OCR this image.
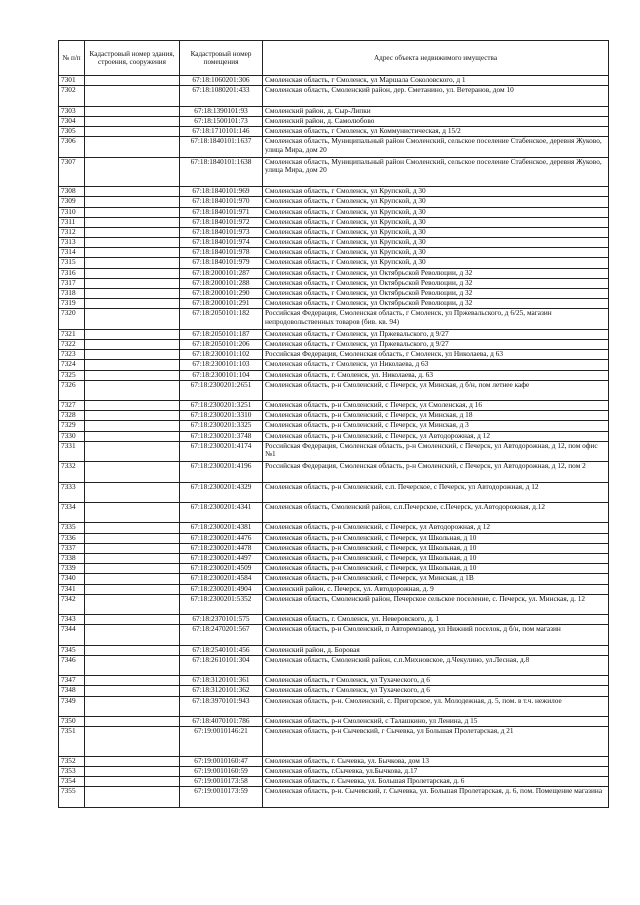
№ п/п	Кадастровый номер здания, строения, сооружения	Кадастровый номер помещения	Адрес объекта недвижимого имущества
7301		67:18:1060201:306	Смоленская область, г Смоленск, ул Маршала Соколовского, д 1
7302		67:18:1080201:433	Смоленская область, Смоленский район, дер. Сметанино, ул. Ветеранов, дом 10
7303		67:18:1390101:93	Смоленский район, д. Сыр-Липки
7304		67:18:1500101:73	Смоленский район, д. Самолюбово
7305		67:18:1710101:146	Смоленская область, г Смоленск, ул Коммунистическая, д 15/2
7306		67:18:1840101:1637	Смоленская область, Муниципальный район Смоленский, сельское поселение Стабенское, деревня Жуково, улица Мира, дом 20
7307		67:18:1840101:1638	Смоленская область, Муниципальный район Смоленский, сельское поселение Стабенское, деревня Жуково, улица Мира, дом 20
7308		67:18:1840101:969	Смоленская область, г Смоленск, ул Крупской, д 30
7309		67:18:1840101:970	Смоленская область, г Смоленск, ул Крупской, д 30
7310		67:18:1840101:971	Смоленская область, г Смоленск, ул Крупской, д 30
7311		67:18:1840101:972	Смоленская область, г Смоленск, ул Крупской, д 30
7312		67:18:1840101:973	Смоленская область, г Смоленск, ул Крупской, д 30
7313		67:18:1840101:974	Смоленская область, г Смоленск, ул Крупской, д 30
7314		67:18:1840101:978	Смоленская область, г Смоленск, ул Крупской, д 30
7315		67:18:1840101:979	Смоленская область, г Смоленск, ул Крупской, д 30
7316		67:18:2000101:287	Смоленская область, г Смоленск, ул Октябрьской Революции, д 32
7317		67:18:2000101:288	Смоленская область, г Смоленск, ул Октябрьской Революции, д 32
7318		67:18:2000101:290	Смоленская область, г Смоленск, ул Октябрьской Революции, д 32
7319		67:18:2000101:291	Смоленская область, г Смоленск, ул Октябрьской Революции, д 32
7320		67:18:2050101:182	Российская Федерация, Смоленская область, г Смоленск, ул Пржевальского, д 6/25, магазин непродовольственных товаров (бив. кв. 94)
7321		67:18:2050101:187	Смоленская область, г Смоленск, ул Пржевальского, д 9/27
7322		67:18:2050101:206	Смоленская область, г Смоленск, ул Пржевальского, д 9/27
7323		67:18:2300101:102	Российская Федерация, Смоленская область, г Смоленск, ул Николаева, д 63
7324		67:18:2300101:103	Смоленская область, г Смоленск, ул Николаева, д 63
7325		67:18:2300101:104	Смоленская область, г. Смоленск, ул. Николаева, д. 63
7326		67:18:2300201:2651	Смоленская область, р-н Смоленский, с Печерск, ул Минская, д б/н, пом летнее кафе
7327		67:18:2300201:3251	Смоленская область, р-н Смоленский, с Печерск, ул Смоленская, д 16
7328		67:18:2300201:3310	Смоленская область, р-н Смоленский, с Печерск, ул Минская, д 18
7329		67:18:2300201:3325	Смоленская область, р-н Смоленский, с Печерск, ул Минская, д 3
7330		67:18:2300201:3748	Смоленская область, р-н Смоленский, с Печерск, ул Автодорожная, д 12
7331		67:18:2300201:4174	Российская Федерация, Смоленская область, р-н Смоленский, с Печерск, ул Автодорожная, д 12, пом офис №1
7332		67:18:2300201:4196	Российская Федерация, Смоленская область, р-н Смоленский, с Печерск, ул Автодорожная, д 12, пом 2
7333		67:18:2300201:4329	Смоленская область, р-н Смоленский, с.п. Печерское, с Печерск, ул Автодорожная, д 12
7334		67:18:2300201:4341	Смоленская область, Смоленский район, с.п.Печерское, с.Печерск, ул.Автодорожная, д.12
7335		67:18:2300201:4381	Смоленская область, р-н Смоленский, с Печерск, ул Автодорожная, д 12
7336		67:18:2300201:4476	Смоленская область, р-н Смоленский, с Печерск, ул Школьная, д 10
7337		67:18:2300201:4478	Смоленская область, р-н Смоленский, с Печерск, ул Школьная, д 10
7338		67:18:2300201:4497	Смоленская область, р-н Смоленский, с Печерск, ул Школьная, д 10
7339		67:18:2300201:4509	Смоленская область, р-н Смоленский, с Печерск, ул Школьная, д 10
7340		67:18:2300201:4584	Смоленская область, р-н Смоленский, с Печерск, ул Минская, д 1В
7341		67:18:2300201:4904	Смоленский район, с. Печерск, ул. Автодорожная, д. 9
7342		67:18:2300201:5352	Смоленская область, Смоленский район, Печерское сельское поселение, с. Печерск, ул. Минская, д. 12
7343		67:18:2370101:575	Смоленская область, г. Смоленск, ул. Неверовского, д. 1
7344		67:18:2470201:567	Смоленская область, р-н Смоленский, п Авторемзавод, ул Нижний поселок, д б/н, пом магазин
7345		67:18:2540101:456	Смоленский район, д. Боровая
7346		67:18:2610101:304	Смоленская область, Смоленский район, с.п.Михновское, д.Чекулино, ул.Лесная, д.8
7347		67:18:3120101:361	Смоленская область, г Смоленск, ул Тухаческого, д 6
7348		67:18:3120101:362	Смоленская область, г Смоленск, ул Тухаческого, д 6
7349		67:18:3970101:943	Смоленская область, р-н. Смоленский, с. Пригорское, ул. Молодежная, д. 5, пом. в т.ч. нежилое
7350		67:18:4070101:786	Смоленская область, р-н Смоленский, с Талашкино, ул Ленина, д 15
7351		67:19:0010146:21	Смоленская область, р-н Сычевский, г Сычевка, ул Большая Пролетарская, д 21
7352		67:19:0010160:47	Смоленская область, г. Сычевка, ул. Бычкова, дом 13
7353		67:19:0010160:59	Смоленская область, г.Сычевка, ул.Бычкова, д.17
7354		67:19:0010173:58	Смоленская область, г. Сычевка, ул. Большая Пролетарская, д. 6
7355		67:19:0010173:59	Смоленская область, р-н. Сычевский, г. Сычевка, ул. Большая Пролетарская, д. 6, пом. Помещение магазина
